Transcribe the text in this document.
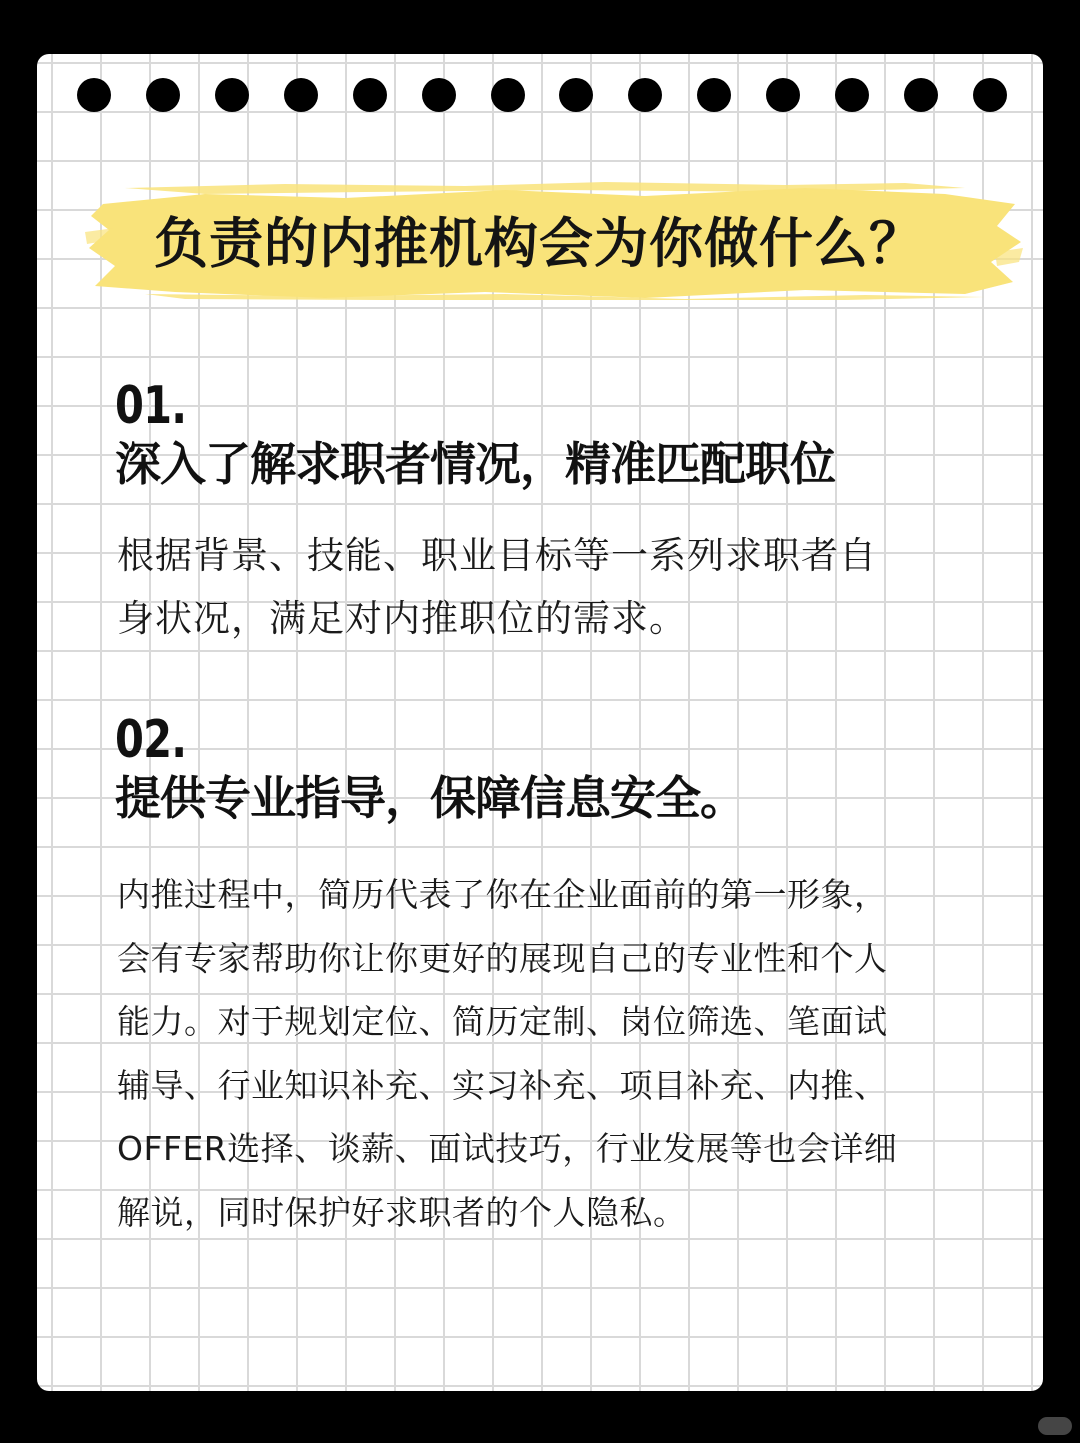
负责的内推机构会为你做什么？
01.
深入了解求职者情况，精准匹配职位
根据背景、技能、职业目标等一系列求职者自
身状况，满足对内推职位的需求。
02.
提供专业指导，保障信息安全。
内推过程中，简历代表了你在企业面前的第一形象，
会有专家帮助你让你更好的展现自己的专业性和个人
能力。对于规划定位、简历定制、岗位筛选、笔面试
辅导、行业知识补充、实习补充、项目补充、内推、
OFFER选择、谈薪、面试技巧，行业发展等也会详细
解说，同时保护好求职者的个人隐私。
